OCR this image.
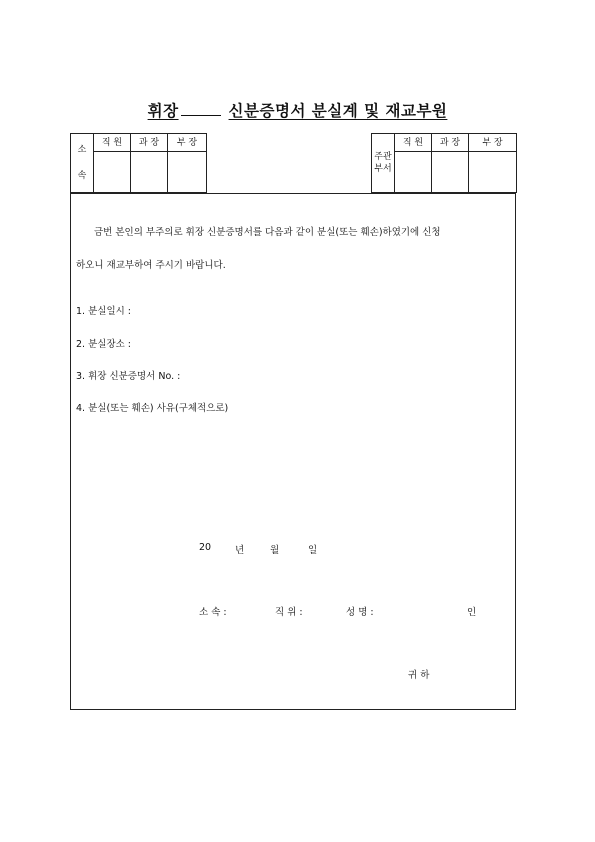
휘장	신분증명서 분실계 및 재교부원
소
속	직 원	과 장	부 장

주관
부서	직 원	과 장	부 장

금번 본인의 부주의로 휘장 신분증명서를 다음과 같이 분실(또는 훼손)하였기에 신청
하오니 재교부하여 주시기 바랍니다.
1. 분실일시 :
2. 분실장소 :
3. 휘장 신분증명서 No. :
4. 분실(또는 훼손) 사유(구체적으로)
20	년	월	일
소 속 :	직 위 :	성 명 :	인
귀 하
